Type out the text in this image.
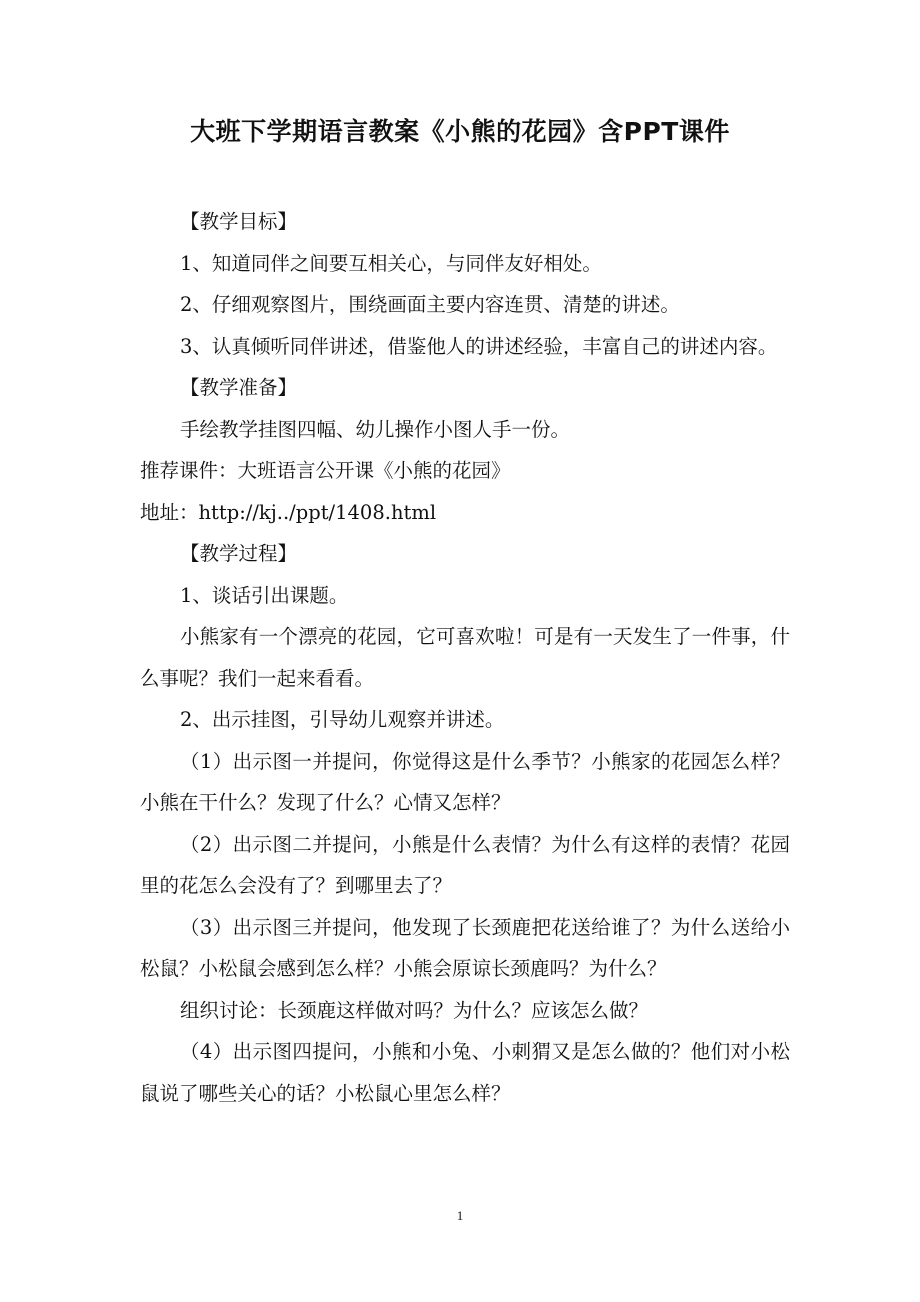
大班下学期语言教案《小熊的花园》含PPT课件

【教学目标】

1、知道同伴之间要互相关心，与同伴友好相处。

2、仔细观察图片，围绕画面主要内容连贯、清楚的讲述。

3、认真倾听同伴讲述，借鉴他人的讲述经验，丰富自己的讲述内容。

【教学准备】

手绘教学挂图四幅、幼儿操作小图人手一份。

推荐课件：大班语言公开课《小熊的花园》

地址：http://kj../ppt/1408.html

【教学过程】

1、谈话引出课题。

小熊家有一个漂亮的花园，它可喜欢啦！可是有一天发生了一件事，什么事呢？我们一起来看看。

2、出示挂图，引导幼儿观察并讲述。

（1）出示图一并提问，你觉得这是什么季节？小熊家的花园怎么样？小熊在干什么？发现了什么？心情又怎样？

（2）出示图二并提问，小熊是什么表情？为什么有这样的表情？花园里的花怎么会没有了？到哪里去了？

（3）出示图三并提问，他发现了长颈鹿把花送给谁了？为什么送给小松鼠？小松鼠会感到怎么样？小熊会原谅长颈鹿吗？为什么？

组织讨论：长颈鹿这样做对吗？为什么？应该怎么做？

（4）出示图四提问，小熊和小兔、小刺猬又是怎么做的？他们对小松鼠说了哪些关心的话？小松鼠心里怎么样？

1
